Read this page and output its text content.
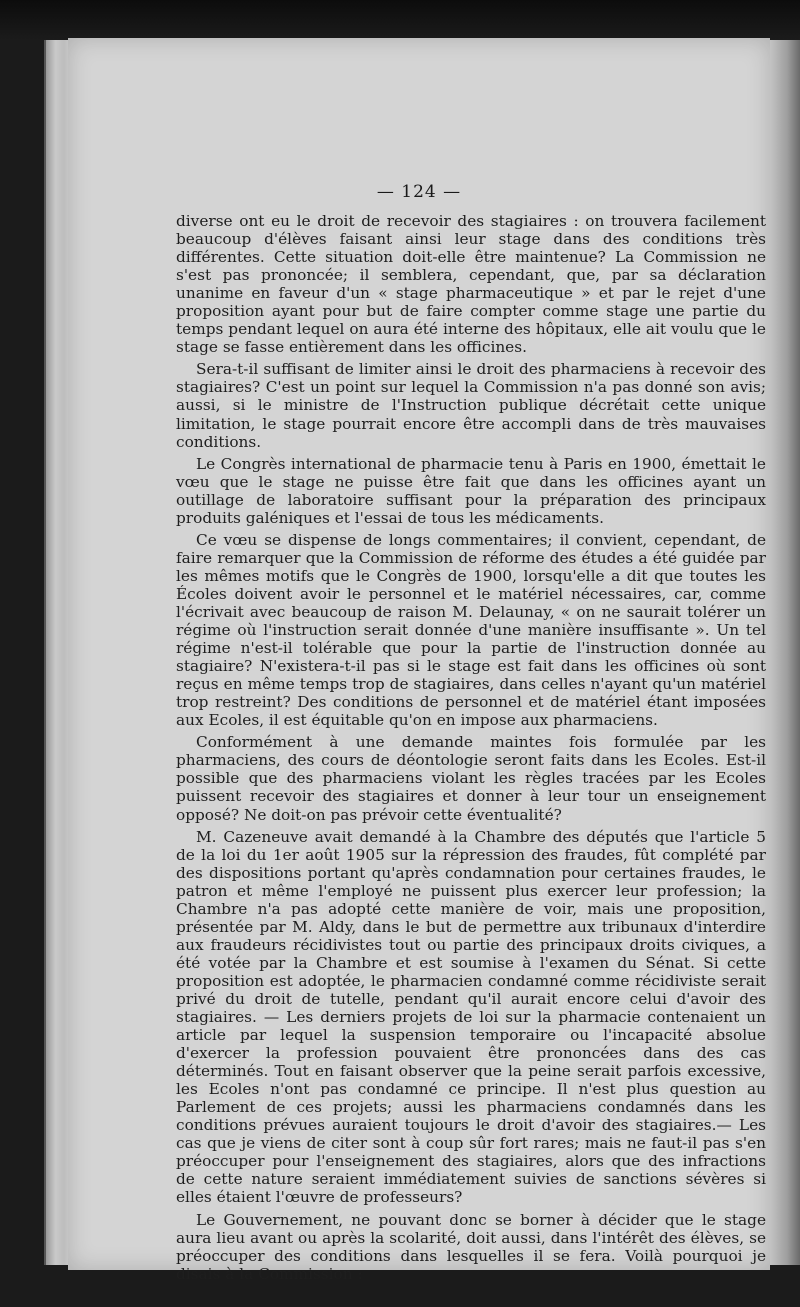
— 124 —

diverse ont eu le droit de recevoir des stagiaires : on trouvera facilement beaucoup d'élèves faisant ainsi leur stage dans des conditions très différentes. Cette situation doit-elle être maintenue? La Commission ne s'est pas prononcée; il semblera, cependant, que, par sa déclaration unanime en faveur d'un « stage pharmaceutique » et par le rejet d'une proposition ayant pour but de faire compter comme stage une partie du temps pendant lequel on aura été interne des hôpitaux, elle ait voulu que le stage se fasse entièrement dans les officines.

Sera-t-il suffisant de limiter ainsi le droit des pharmaciens à recevoir des stagiaires? C'est un point sur lequel la Commission n'a pas donné son avis; aussi, si le ministre de l'Instruction publique décrétait cette unique limitation, le stage pourrait encore être accompli dans de très mauvaises conditions.

Le Congrès international de pharmacie tenu à Paris en 1900, émettait le vœu que le stage ne puisse être fait que dans les officines ayant un outillage de laboratoire suffisant pour la préparation des principaux produits galéniques et l'essai de tous les médicaments.

Ce vœu se dispense de longs commentaires; il convient, cependant, de faire remarquer que la Commission de réforme des études a été guidée par les mêmes motifs que le Congrès de 1900, lorsqu'elle a dit que toutes les Écoles doivent avoir le personnel et le matériel nécessaires, car, comme l'écrivait avec beaucoup de raison M. Delaunay, « on ne saurait tolérer un régime où l'instruction serait donnée d'une manière insuffisante ». Un tel régime n'est-il tolérable que pour la partie de l'instruction donnée au stagiaire? N'existera-t-il pas si le stage est fait dans les officines où sont reçus en même temps trop de stagiaires, dans celles n'ayant qu'un matériel trop restreint? Des conditions de personnel et de matériel étant imposées aux Ecoles, il est équitable qu'on en impose aux pharmaciens.

Conformément à une demande maintes fois formulée par les pharmaciens, des cours de déontologie seront faits dans les Ecoles. Est-il possible que des pharmaciens violant les règles tracées par les Ecoles puissent recevoir des stagiaires et donner à leur tour un enseignement opposé? Ne doit-on pas prévoir cette éventualité?

M. Cazeneuve avait demandé à la Chambre des députés que l'article 5 de la loi du 1er août 1905 sur la répression des fraudes, fût complété par des dispositions portant qu'après condamnation pour certaines fraudes, le patron et même l'employé ne puissent plus exercer leur profession; la Chambre n'a pas adopté cette manière de voir, mais une proposition, présentée par M. Aldy, dans le but de permettre aux tribunaux d'interdire aux fraudeurs récidivistes tout ou partie des principaux droits civiques, a été votée par la Chambre et est soumise à l'examen du Sénat. Si cette proposition est adoptée, le pharmacien condamné comme récidiviste serait privé du droit de tutelle, pendant qu'il aurait encore celui d'avoir des stagiaires. — Les derniers projets de loi sur la pharmacie contenaient un article par lequel la suspension temporaire ou l'incapacité absolue d'exercer la profession pouvaient être prononcées dans des cas déterminés. Tout en faisant observer que la peine serait parfois excessive, les Ecoles n'ont pas condamné ce principe. Il n'est plus question au Parlement de ces projets; aussi les pharmaciens condamnés dans les conditions prévues auraient toujours le droit d'avoir des stagiaires.— Les cas que je viens de citer sont à coup sûr fort rares; mais ne faut-il pas s'en préoccuper pour l'enseignement des stagiaires, alors que des infractions de cette nature seraient immédiatement suivies de sanctions sévères si elles étaient l'œuvre de professeurs?

Le Gouvernement, ne pouvant donc se borner à décider que le stage aura lieu avant ou après la scolarité, doit aussi, dans l'intérêt des élèves, se préoccuper des conditions dans lesquelles il se fera. Voilà pourquoi je disais à la Commission :
